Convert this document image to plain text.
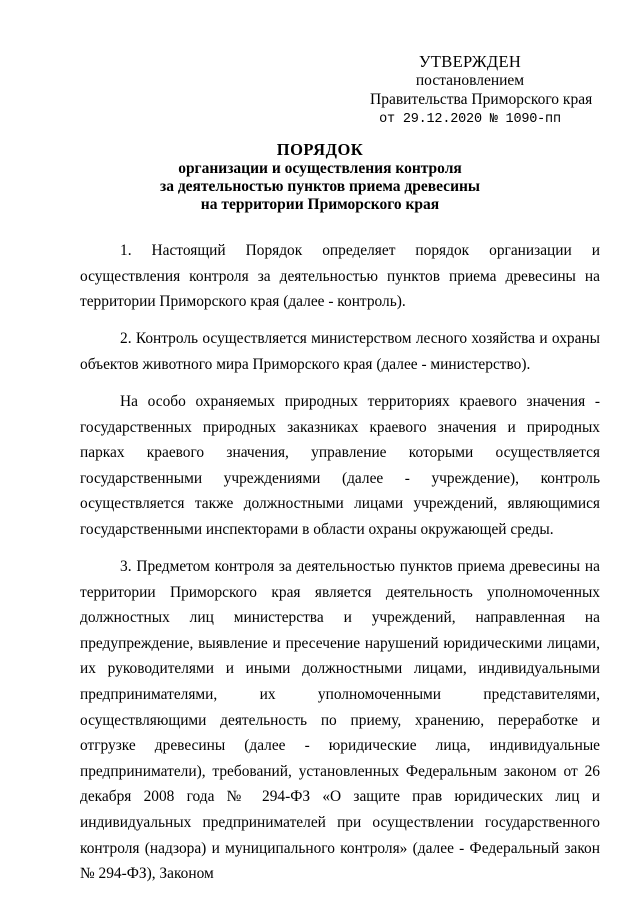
УТВЕРЖДЕН
постановлением
Правительства Приморского края
от 29.12.2020 № 1090-пп
ПОРЯДОК
организации и осуществления контроля
за деятельностью пунктов приема древесины
на территории Приморского края

1. Настоящий Порядок определяет порядок организации и осуществления контроля за деятельностью пунктов приема древесины на территории Приморского края (далее - контроль).

2. Контроль осуществляется министерством лесного хозяйства и охраны объектов животного мира Приморского края (далее - министерство).

На особо охраняемых природных территориях краевого значения - государственных природных заказниках краевого значения и природных парках краевого значения, управление которыми осуществляется государственными учреждениями (далее - учреждение), контроль осуществляется также должностными лицами учреждений, являющимися государственными инспекторами в области охраны окружающей среды.

3. Предметом контроля за деятельностью пунктов приема древесины на территории Приморского края является деятельность уполномоченных должностных лиц министерства и учреждений, направленная на предупреждение, выявление и пресечение нарушений юридическими лицами, их руководителями и иными должностными лицами, индивидуальными предпринимателями, их уполномоченными представителями, осуществляющими деятельность по приему, хранению, переработке и отгрузке древесины (далее - юридические лица, индивидуальные предприниматели), требований, установленных Федеральным законом от 26 декабря 2008 года № 294-ФЗ «О защите прав юридических лиц и индивидуальных предпринимателей при осуществлении государственного контроля (надзора) и муниципального контроля» (далее - Федеральный закон № 294-ФЗ), Законом
